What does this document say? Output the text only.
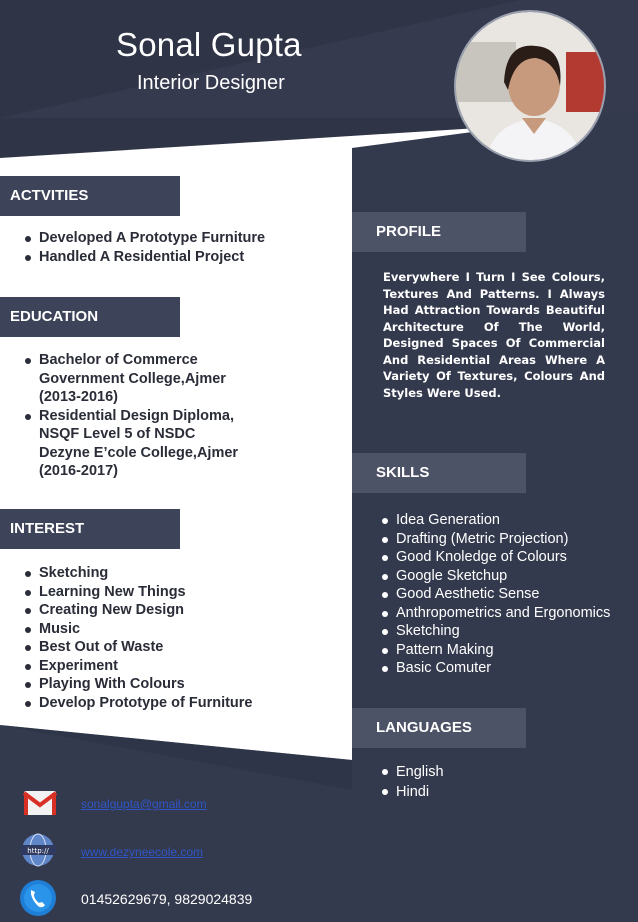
Sonal Gupta
Interior Designer
ACTVITIES
Developed A Prototype Furniture
Handled A Residential Project
EDUCATION
Bachelor of Commerce
Government College,Ajmer
(2013-2016)
Residential Design Diploma,
NSQF Level 5 of NSDC
Dezyne E’cole College,Ajmer
(2016-2017)
INTEREST
Sketching
Learning New Things
Creating New Design
Music
Best Out of Waste
Experiment
Playing With Colours
Develop Prototype of Furniture
PROFILE
Everywhere I Turn I See Colours, Textures And Patterns. I Always Had Attraction Towards Beautiful Architecture Of The World, Designed Spaces Of Commercial And Residential Areas Where A Variety Of Textures, Colours And Styles Were Used.
SKILLS
Idea Generation
Drafting (Metric Projection)
Good Knoledge of Colours
Google Sketchup
Good Aesthetic Sense
Anthropometrics and Ergonomics
Sketching
Pattern Making
Basic Comuter
LANGUAGES
English
Hindi
sonalgupta@gmail.com
http://	www.dezyneecole.com
01452629679, 9829024839
